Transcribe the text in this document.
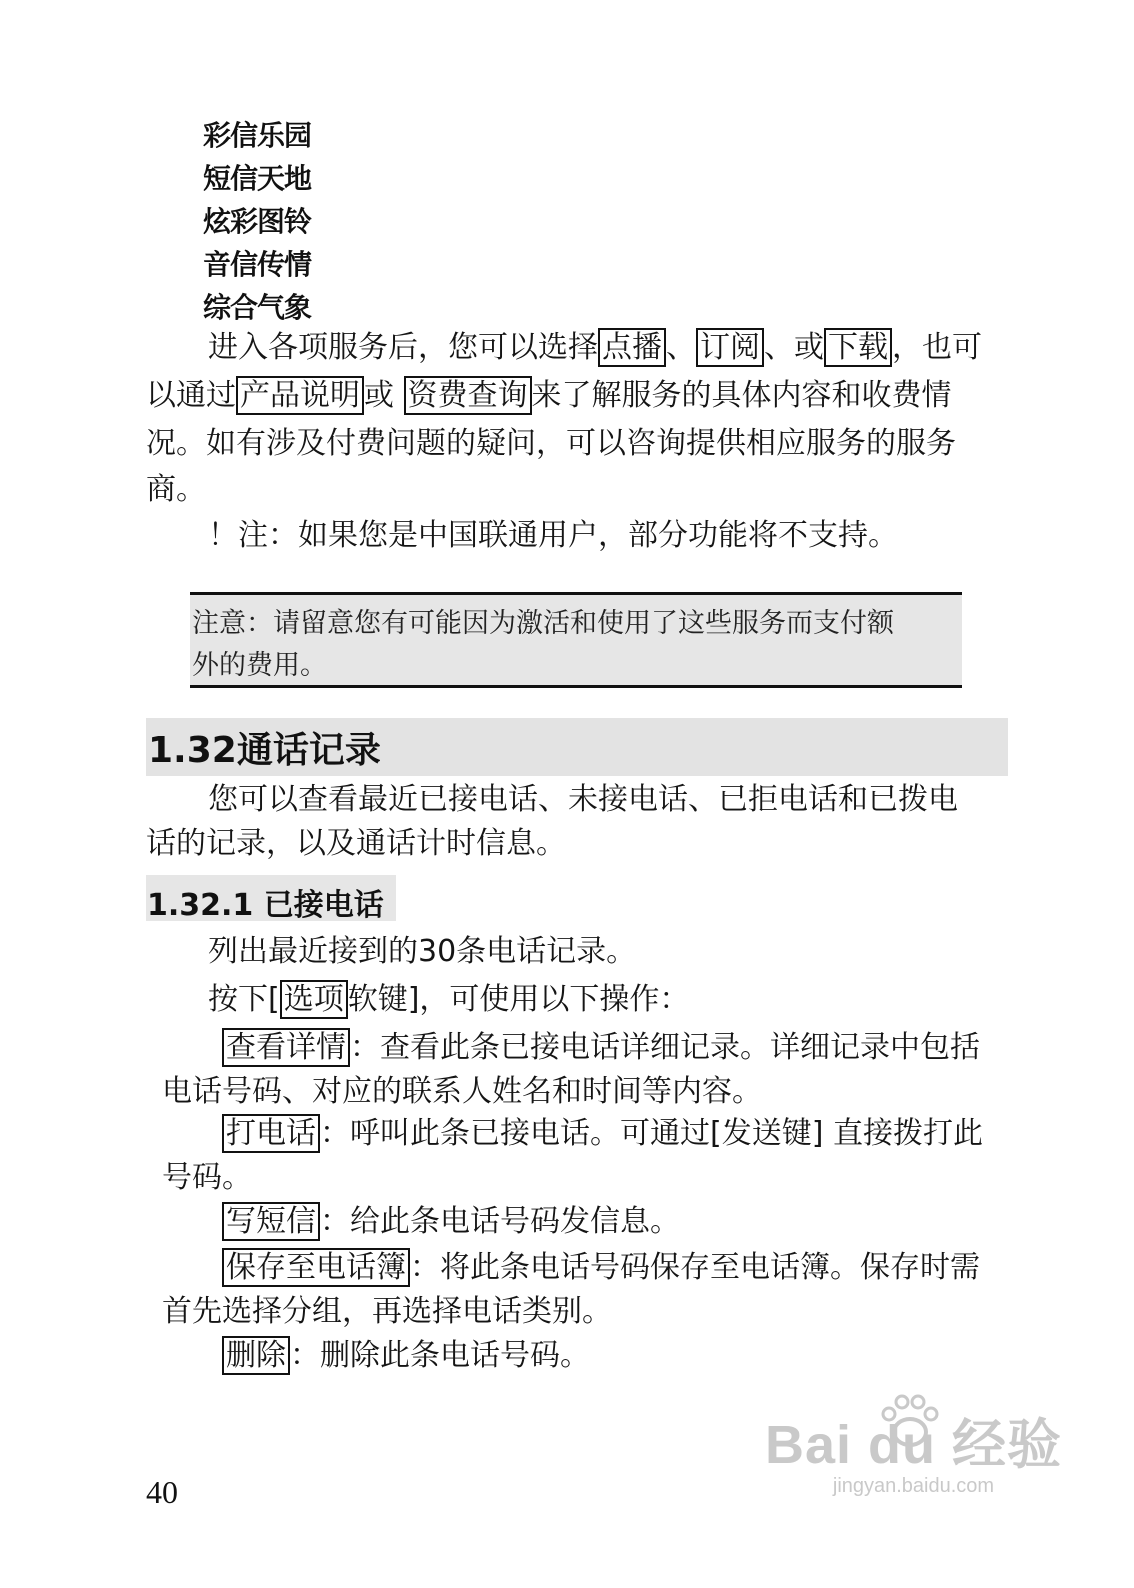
彩信乐园
短信天地
炫彩图铃
音信传情
综合气象
进入各项服务后，您可以选择 点播 、 订阅 、或 下载 ，也可
以通过 产品说明 或 资费查询 来了解服务的具体内容和收费情
况。如有涉及付费问题的疑问，可以咨询提供相应服务的服务
商。
！注：如果您是中国联通用户，部分功能将不支持。
注意：请留意您有可能因为激活和使用了这些服务而支付额
外的费用。
1.32通话记录
您可以查看最近已接电话、未接电话、已拒电话和已拨电
话的记录，以及通话计时信息。
1.32.1 已接电话
列出最近接到的30条电话记录。
按下[ 选项 软键]，可使用以下操作：
查看详情 ：查看此条已接电话详细记录。详细记录中包括
电话号码、对应的联系人姓名和时间等内容。
打电话 ：呼叫此条已接电话。可通过[发送键] 直接拨打此
号码。
写短信 ：给此条电话号码发信息。
保存至电话簿 ：将此条电话号码保存至电话簿。保存时需
首先选择分组，再选择电话类别。
删除 ：删除此条电话号码。
40
Bai du 经验
jingyan.baidu.com
